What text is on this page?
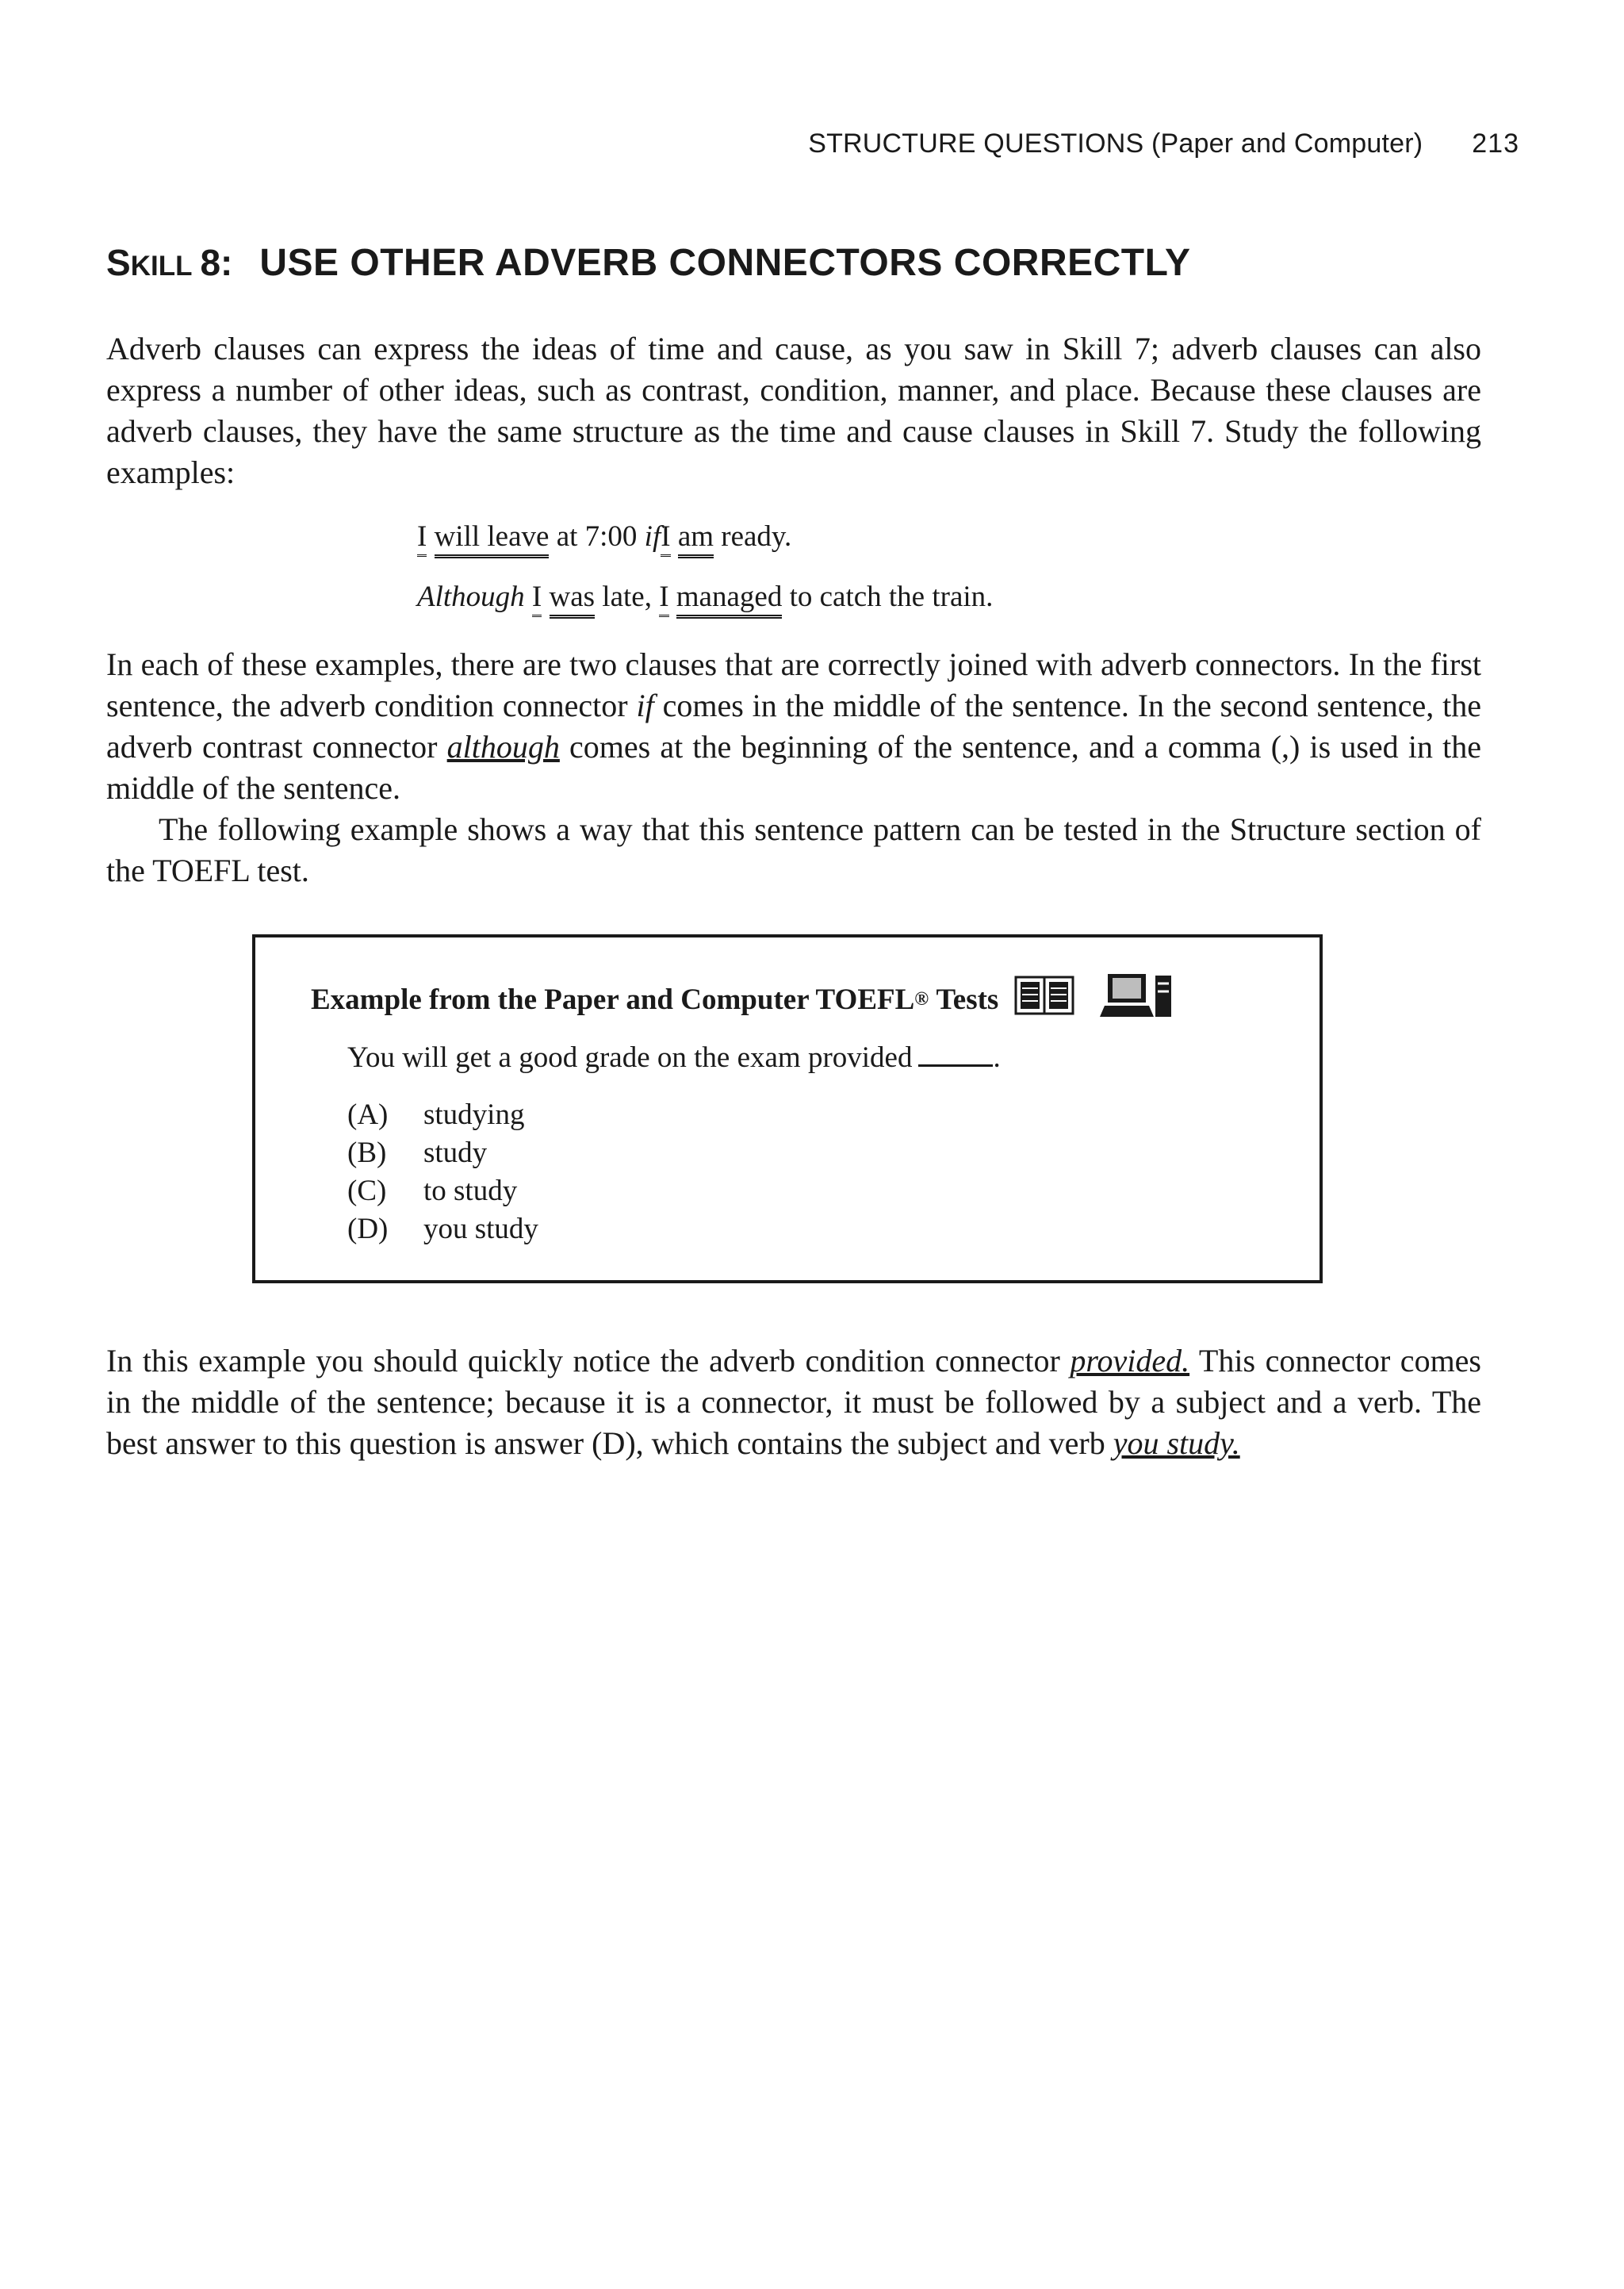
STRUCTURE QUESTIONS (Paper and Computer) 213
SKILL 8: USE OTHER ADVERB CONNECTORS CORRECTLY

Adverb clauses can express the ideas of time and cause, as you saw in Skill 7; adverb clauses can also express a number of other ideas, such as contrast, condition, manner, and place. Because these clauses are adverb clauses, they have the same structure as the time and cause clauses in Skill 7. Study the following examples:

I will leave at 7:00 ifI am ready.
Although I was late, I managed to catch the train.

In each of these examples, there are two clauses that are correctly joined with adverb connectors. In the first sentence, the adverb condition connector if comes in the middle of the sentence. In the second sentence, the adverb contrast connector although comes at the beginning of the sentence, and a comma (,) is used in the middle of the sentence.

The following example shows a way that this sentence pattern can be tested in the Structure section of the TOEFL test.

Example from the Paper and Computer TOEFL ®
Tests
You will get a good grade on the exam provided	.
(A)	studying
(B)	study
(C)	to study
(D)	you study

In this example you should quickly notice the adverb condition connector provided. This connector comes in the middle of the sentence; because it is a connector, it must be followed by a subject and a verb. The best answer to this question is answer (D), which contains the subject and verb you study.
